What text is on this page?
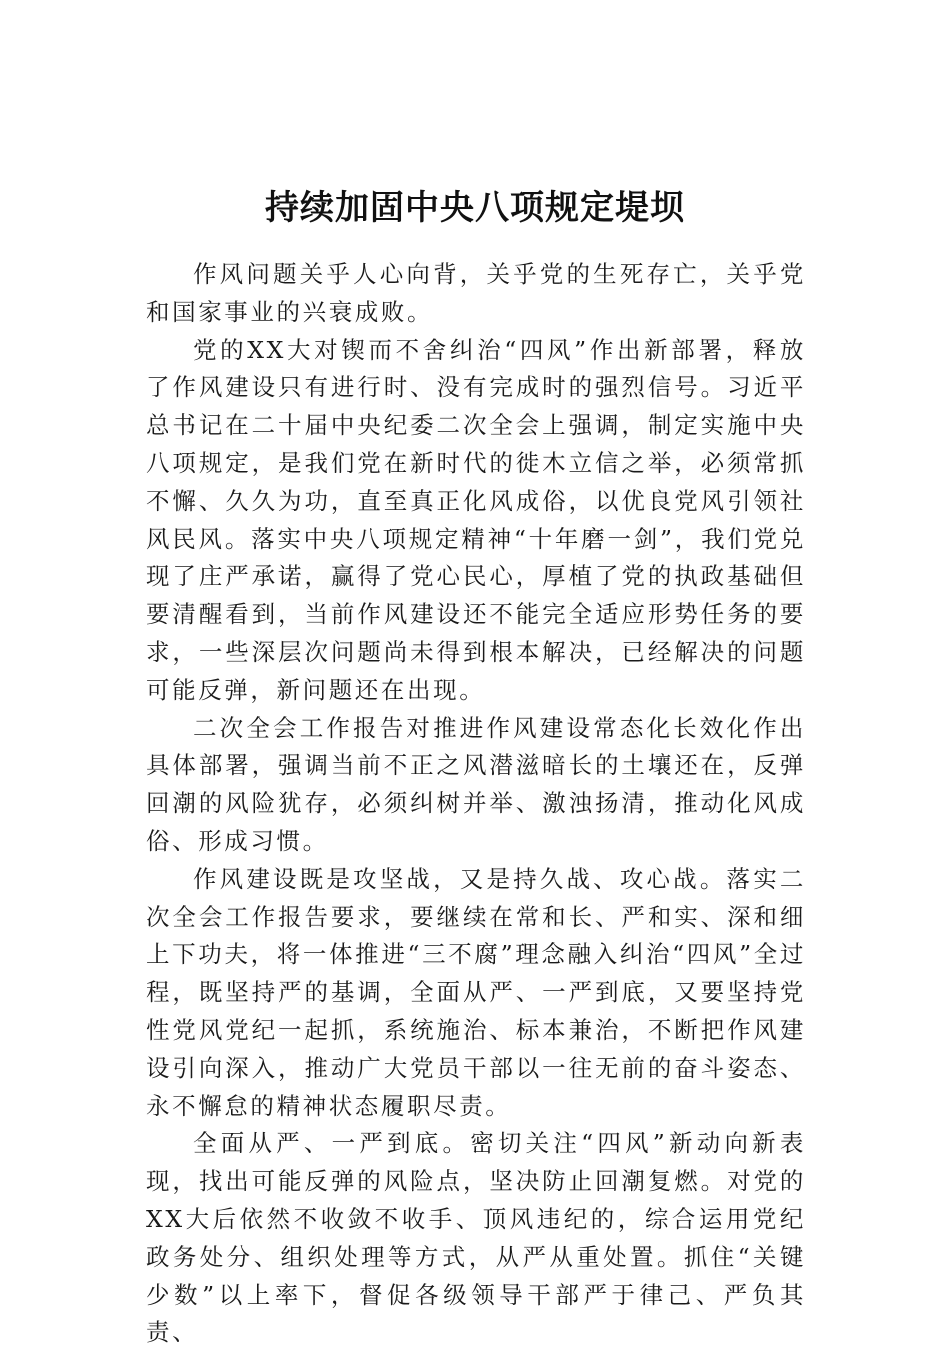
持续加固中央八项规定堤坝

作风问题关乎人心向背，关乎党的生死存亡，关乎党和国家事业的兴衰成败。

党的XX大对锲而不舍纠治“四风”作出新部署，释放了作风建设只有进行时、没有完成时的强烈信号。习近平总书记在二十届中央纪委二次全会上强调，制定实施中央八项规定，是我们党在新时代的徙木立信之举，必须常抓不懈、久久为功，直至真正化风成俗，以优良党风引领社风民风。落实中央八项规定精神“十年磨一剑”，我们党兑现了庄严承诺，赢得了党心民心，厚植了党的执政基础但要清醒看到，当前作风建设还不能完全适应形势任务的要求，一些深层次问题尚未得到根本解决，已经解决的问题可能反弹，新问题还在出现。

二次全会工作报告对推进作风建设常态化长效化作出具体部署，强调当前不正之风潜滋暗长的土壤还在，反弹回潮的风险犹存，必须纠树并举、激浊扬清，推动化风成俗、形成习惯。

作风建设既是攻坚战，又是持久战、攻心战。落实二次全会工作报告要求，要继续在常和长、严和实、深和细上下功夫，将一体推进“三不腐”理念融入纠治“四风”全过程，既坚持严的基调，全面从严、一严到底，又要坚持党性党风党纪一起抓，系统施治、标本兼治，不断把作风建设引向深入，推动广大党员干部以一往无前的奋斗姿态、永不懈怠的精神状态履职尽责。

全面从严、一严到底。密切关注“四风”新动向新表现，找出可能反弹的风险点，坚决防止回潮复燃。对党的XX大后依然不收敛不收手、顶风违纪的，综合运用党纪政务处分、组织处理等方式，从严从重处置。抓住“关键少数”以上率下，督促各级领导干部严于律己、严负其责、
